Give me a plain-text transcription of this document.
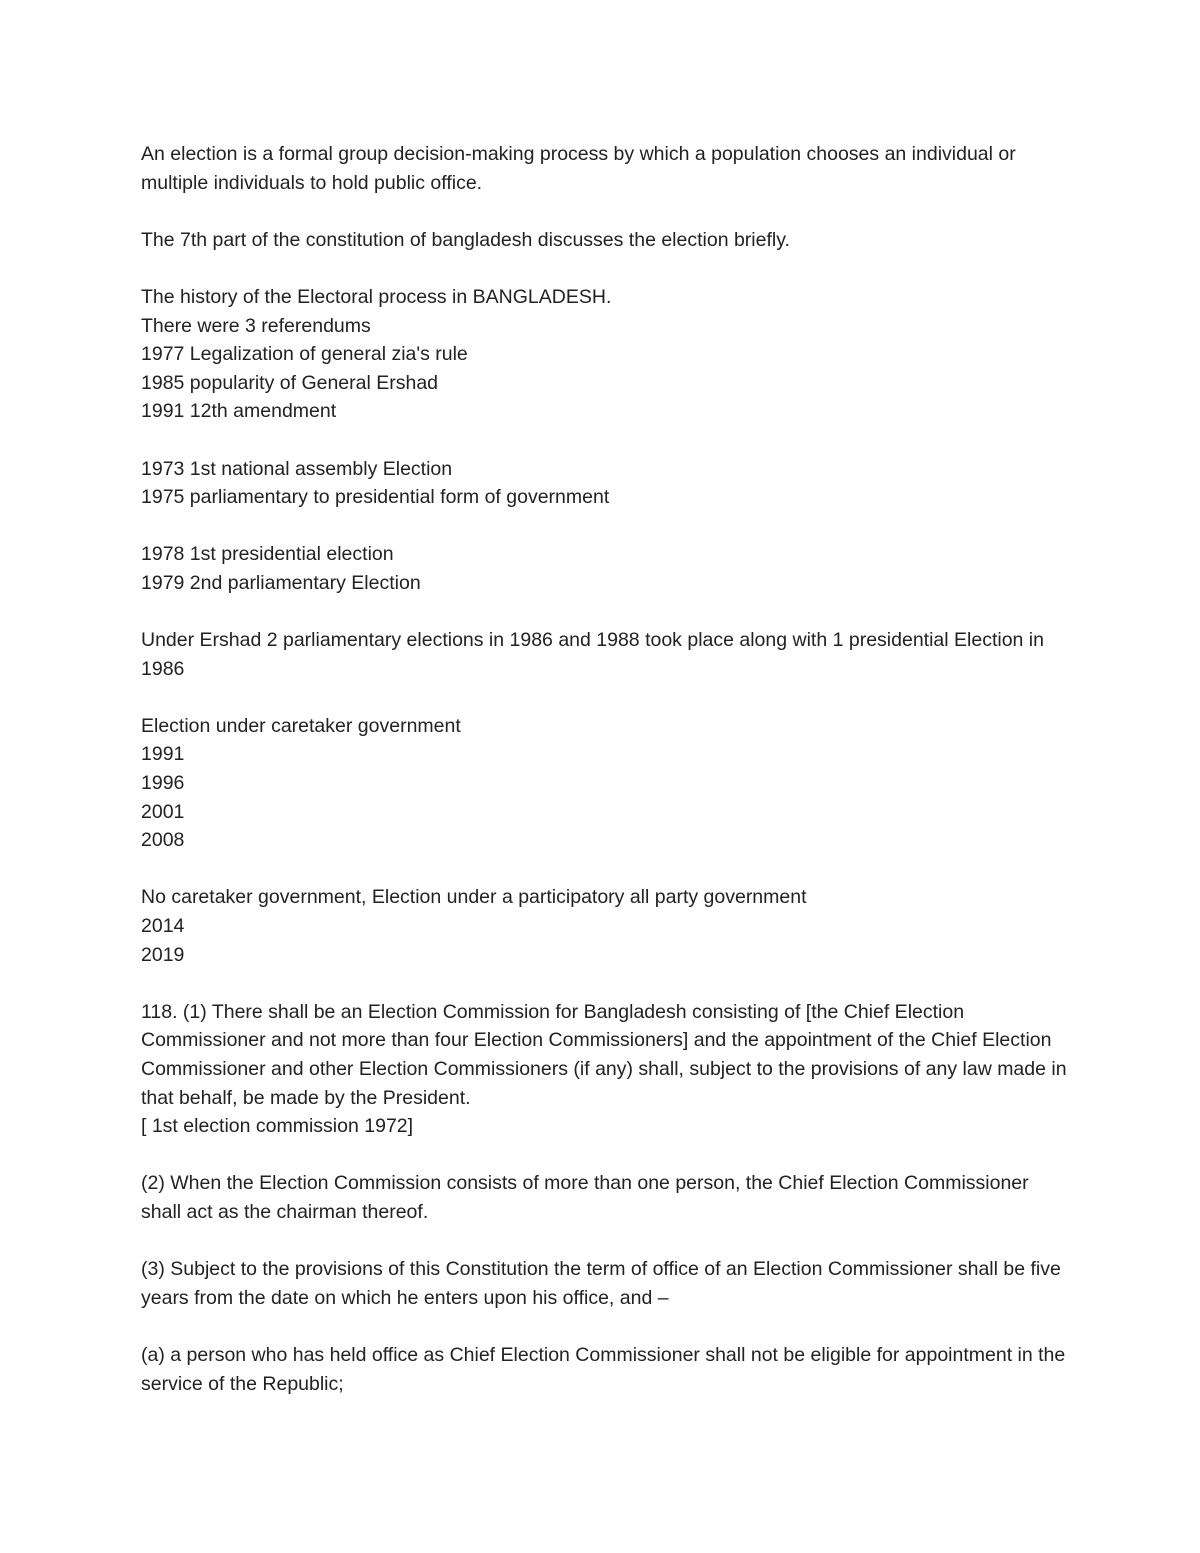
An election is a formal group decision-making process by which a population chooses an individual or multiple individuals to hold public office.

The 7th part of the constitution of bangladesh discusses the election briefly.

The history of the Electoral process in BANGLADESH.
There were 3 referendums
1977 Legalization of general zia's rule
1985 popularity of General Ershad
1991 12th amendment
1973 1st national assembly Election
1975 parliamentary to presidential form of government
1978 1st presidential election
1979 2nd parliamentary Election

Under Ershad 2 parliamentary elections in 1986 and 1988 took place along with 1 presidential Election in 1986

Election under caretaker government
1991
1996
2001
2008
No caretaker government, Election under a participatory all party government
2014
2019
118. (1) There shall be an Election Commission for Bangladesh consisting of [the Chief Election Commissioner and not more than four Election Commissioners] and the appointment of the Chief Election Commissioner and other Election Commissioners (if any) shall, subject to the provisions of any law made in that behalf, be made by the President.
[ 1st election commission 1972]

(2) When the Election Commission consists of more than one person, the Chief Election Commissioner shall act as the chairman thereof.

(3) Subject to the provisions of this Constitution the term of office of an Election Commissioner shall be five years from the date on which he enters upon his office, and –

(a) a person who has held office as Chief Election Commissioner shall not be eligible for appointment in the service of the Republic;
